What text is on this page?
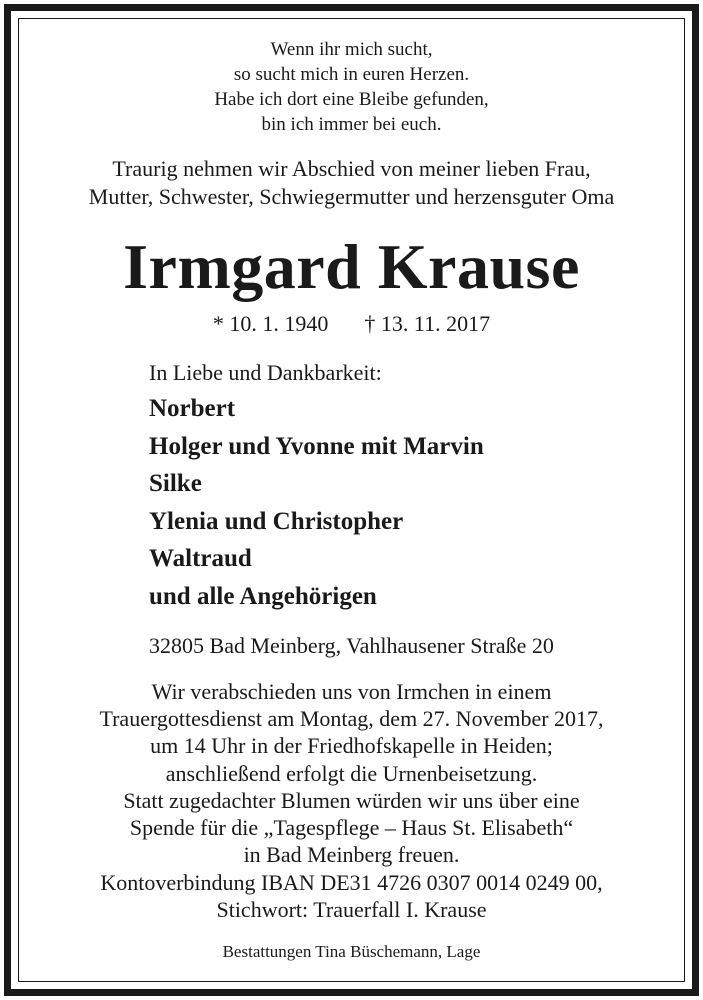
Wenn ihr mich sucht,
so sucht mich in euren Herzen.
Habe ich dort eine Bleibe gefunden,
bin ich immer bei euch.
Traurig nehmen wir Abschied von meiner lieben Frau,
Mutter, Schwester, Schwiegermutter und herzensguter Oma
Irmgard Krause
* 10. 1. 1940 † 13. 11. 2017
In Liebe und Dankbarkeit:
Norbert
Holger und Yvonne mit Marvin
Silke
Ylenia und Christopher
Waltraud
und alle Angehörigen
32805 Bad Meinberg, Vahlhausener Straße 20
Wir verabschieden uns von Irmchen in einem
Trauergottesdienst am Montag, dem 27. November 2017,
um 14 Uhr in der Friedhofskapelle in Heiden;
anschließend erfolgt die Urnenbeisetzung.
Statt zugedachter Blumen würden wir uns über eine
Spende für die „Tagespflege – Haus St. Elisabeth“
in Bad Meinberg freuen.
Kontoverbindung IBAN DE31 4726 0307 0014 0249 00,
Stichwort: Trauerfall I. Krause
Bestattungen Tina Büschemann, Lage
